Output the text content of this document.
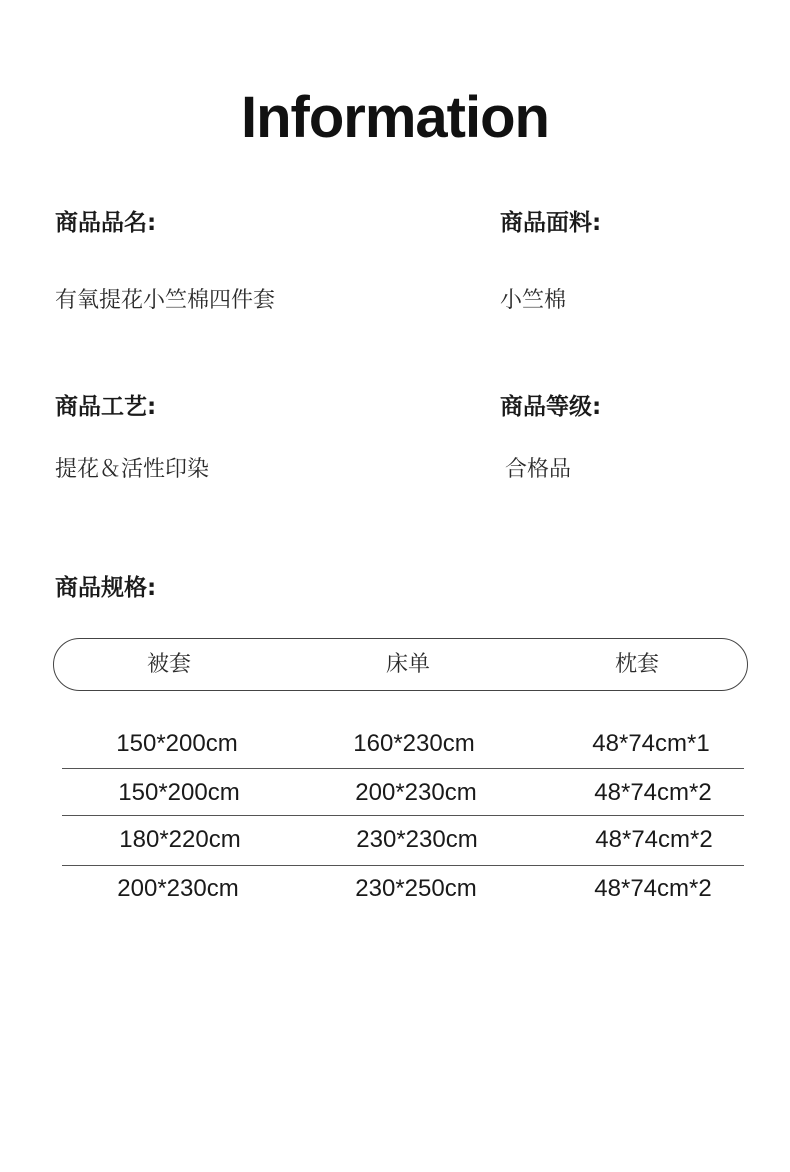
Information
商品品名:	商品面料:
有氧提花小竺棉四件套	小竺棉
商品工艺:	商品等级:
提花＆活性印染	合格品
商品规格:
被套	床单	枕套
150*200cm	160*230cm	48*74cm*1
150*200cm	200*230cm	48*74cm*2
180*220cm	230*230cm	48*74cm*2
200*230cm	230*250cm	48*74cm*2
